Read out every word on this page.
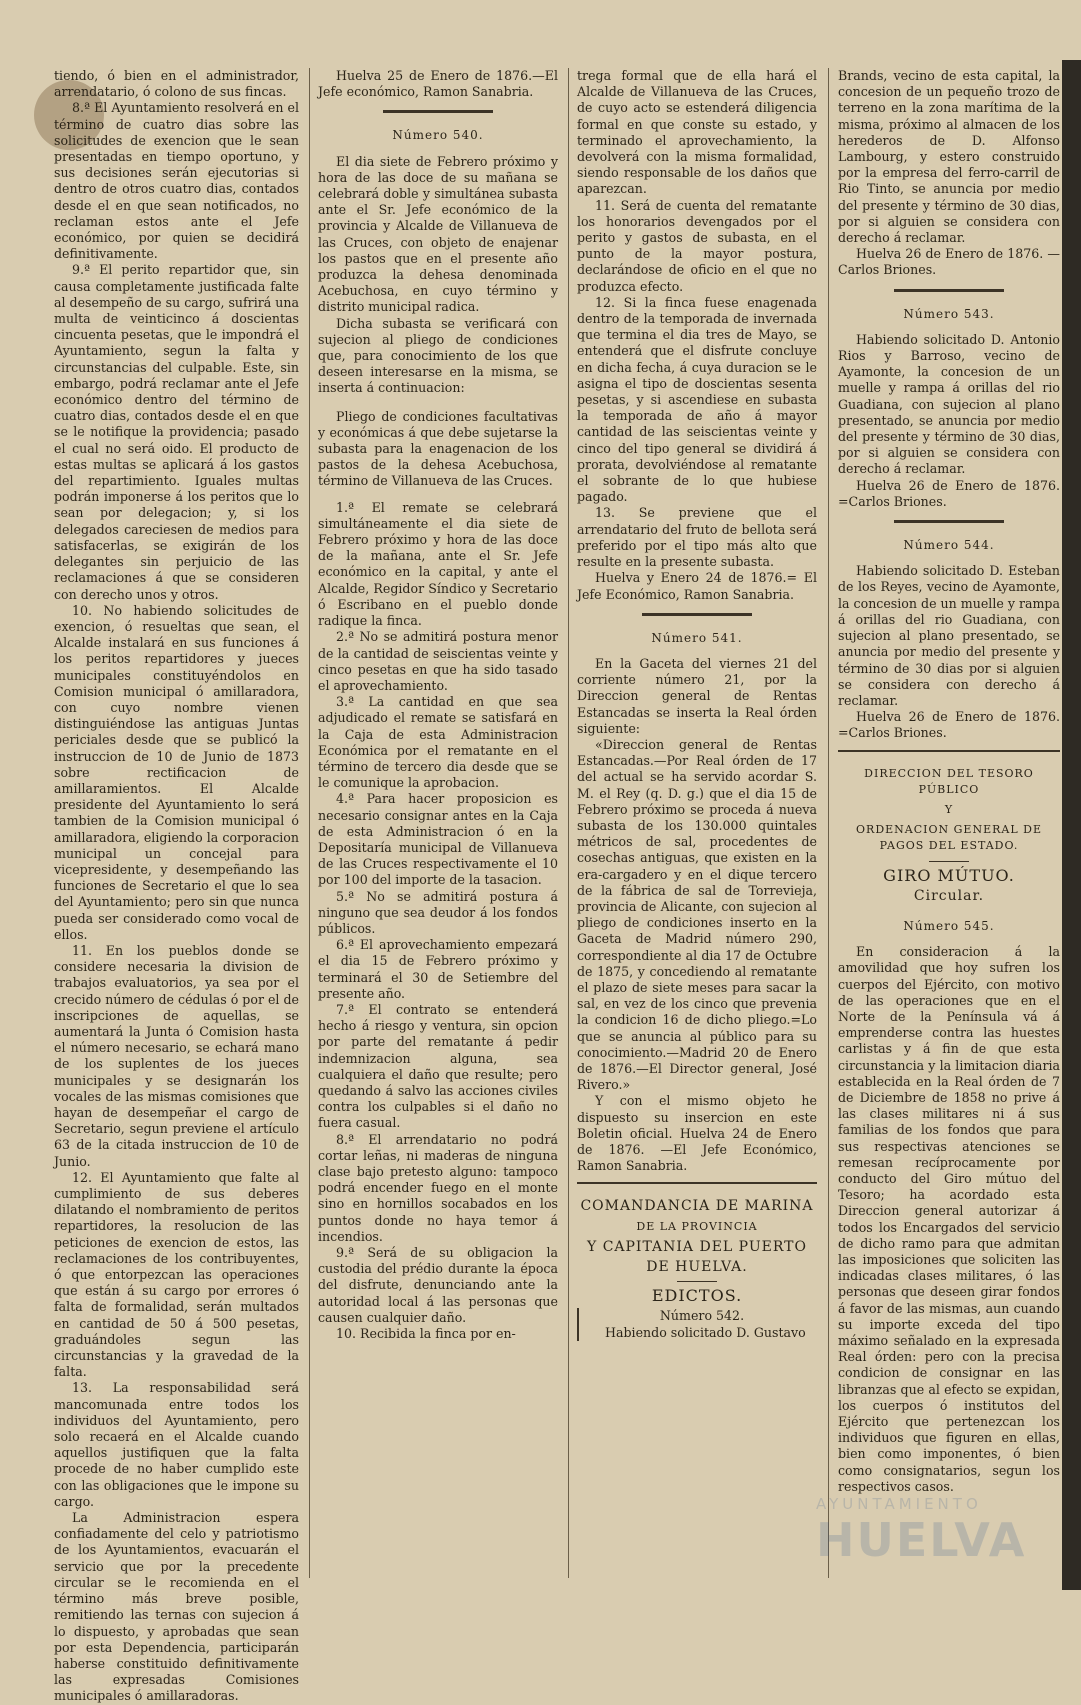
tiendo, ó bien en el administrador, arrendatario, ó colono de sus fincas.

8.ª El Ayuntamiento resolverá en el término de cuatro dias sobre las solicitudes de exencion que le sean presentadas en tiempo oportuno, y sus decisiones serán ejecutorias si dentro de otros cuatro dias, contados desde el en que sean notificados, no reclaman estos ante el Jefe económico, por quien se decidirá definitivamente.

9.ª El perito repartidor que, sin causa completamente justificada falte al desempeño de su cargo, sufrirá una multa de veinticinco á doscientas cincuenta pesetas, que le impondrá el Ayuntamiento, segun la falta y circunstancias del culpable. Este, sin embargo, podrá reclamar ante el Jefe económico dentro del término de cuatro dias, contados desde el en que se le notifique la providencia; pasado el cual no será oido. El producto de estas multas se aplicará á los gastos del repartimiento. Iguales multas podrán imponerse á los peritos que lo sean por delegacion; y, si los delegados careciesen de medios para satisfacerlas, se exigirán de los delegantes sin perjuicio de las reclamaciones á que se consideren con derecho unos y otros.

10. No habiendo solicitudes de exencion, ó resueltas que sean, el Alcalde instalará en sus funciones á los peritos repartidores y jueces municipales constituyéndolos en Comision municipal ó amillaradora, con cuyo nombre vienen distinguiéndose las antiguas Juntas periciales desde que se publicó la instruccion de 10 de Junio de 1873 sobre rectificacion de amillaramientos. El Alcalde presidente del Ayuntamiento lo será tambien de la Comision municipal ó amillaradora, eligiendo la corporacion municipal un concejal para vicepresidente, y desempeñando las funciones de Secretario el que lo sea del Ayuntamiento; pero sin que nunca pueda ser considerado como vocal de ellos.

11. En los pueblos donde se considere necesaria la division de trabajos evaluatorios, ya sea por el crecido número de cédulas ó por el de inscripciones de aquellas, se aumentará la Junta ó Comision hasta el número necesario, se echará mano de los suplentes de los jueces municipales y se designarán los vocales de las mismas comisiones que hayan de desempeñar el cargo de Secretario, segun previene el artículo 63 de la citada instruccion de 10 de Junio.

12. El Ayuntamiento que falte al cumplimiento de sus deberes dilatando el nombramiento de peritos repartidores, la resolucion de las peticiones de exencion de estos, las reclamaciones de los contribuyentes, ó que entorpezcan las operaciones que están á su cargo por errores ó falta de formalidad, serán multados en cantidad de 50 á 500 pesetas, graduándoles segun las circunstancias y la gravedad de la falta.

13. La responsabilidad será mancomunada entre todos los individuos del Ayuntamiento, pero solo recaerá en el Alcalde cuando aquellos justifiquen que la falta procede de no haber cumplido este con las obligaciones que le impone su cargo.

La Administracion espera confiadamente del celo y patriotismo de los Ayuntamientos, evacuarán el servicio que por la precedente circular se le recomienda en el término más breve posible, remitiendo las ternas con sujecion á lo dispuesto, y aprobadas que sean por esta Dependencia, participarán haberse constituido definitivamente las expresadas Comisiones municipales ó amillaradoras.

Huelva 25 de Enero de 1876.—El Jefe económico, Ramon Sanabria.

Número 540.

El dia siete de Febrero próximo y hora de las doce de su mañana se celebrará doble y simultánea subasta ante el Sr. Jefe económico de la provincia y Alcalde de Villanueva de las Cruces, con objeto de enajenar los pastos que en el presente año produzca la dehesa denominada Acebuchosa, en cuyo término y distrito municipal radica.

Dicha subasta se verificará con sujecion al pliego de condiciones que, para conocimiento de los que deseen interesarse en la misma, se inserta á continuacion:

Pliego de condiciones facultativas y económicas á que debe sujetarse la subasta para la enagenacion de los pastos de la dehesa Acebuchosa, término de Villanueva de las Cruces.

1.ª El remate se celebrará simultáneamente el dia siete de Febrero próximo y hora de las doce de la mañana, ante el Sr. Jefe económico en la capital, y ante el Alcalde, Regidor Síndico y Secretario ó Escribano en el pueblo donde radique la finca.

2.ª No se admitirá postura menor de la cantidad de seiscientas veinte y cinco pesetas en que ha sido tasado el aprovechamiento.

3.ª La cantidad en que sea adjudicado el remate se satisfará en la Caja de esta Administracion Económica por el rematante en el término de tercero dia desde que se le comunique la aprobacion.

4.ª Para hacer proposicion es necesario consignar antes en la Caja de esta Administracion ó en la Depositaría municipal de Villanueva de las Cruces respectivamente el 10 por 100 del importe de la tasacion.

5.ª No se admitirá postura á ninguno que sea deudor á los fondos públicos.

6.ª El aprovechamiento empezará el dia 15 de Febrero próximo y terminará el 30 de Setiembre del presente año.

7.ª El contrato se entenderá hecho á riesgo y ventura, sin opcion por parte del rematante á pedir indemnizacion alguna, sea cualquiera el daño que resulte; pero quedando á salvo las acciones civiles contra los culpables si el daño no fuera casual.

8.ª El arrendatario no podrá cortar leñas, ni maderas de ninguna clase bajo pretesto alguno: tampoco podrá encender fuego en el monte sino en hornillos socabados en los puntos donde no haya temor á incendios.

9.ª Será de su obligacion la custodia del prédio durante la época del disfrute, denunciando ante la autoridad local á las personas que causen cualquier daño.

10. Recibida la finca por en-

trega formal que de ella hará el Alcalde de Villanueva de las Cruces, de cuyo acto se estenderá diligencia formal en que conste su estado, y terminado el aprovechamiento, la devolverá con la misma formalidad, siendo responsable de los daños que aparezcan.

11. Será de cuenta del rematante los honorarios devengados por el perito y gastos de subasta, en el punto de la mayor postura, declarándose de oficio en el que no produzca efecto.

12. Si la finca fuese enagenada dentro de la temporada de invernada que termina el dia tres de Mayo, se entenderá que el disfrute concluye en dicha fecha, á cuya duracion se le asigna el tipo de doscientas sesenta pesetas, y si ascendiese en subasta la temporada de año á mayor cantidad de las seiscientas veinte y cinco del tipo general se dividirá á prorata, devolviéndose al rematante el sobrante de lo que hubiese pagado.

13. Se previene que el arrendatario del fruto de bellota será preferido por el tipo más alto que resulte en la presente subasta.

Huelva y Enero 24 de 1876.= El Jefe Económico, Ramon Sanabria.

Número 541.

En la Gaceta del viernes 21 del corriente número 21, por la Direccion general de Rentas Estancadas se inserta la Real órden siguiente:

«Direccion general de Rentas Estancadas.—Por Real órden de 17 del actual se ha servido acordar S. M. el Rey (q. D. g.) que el dia 15 de Febrero próximo se proceda á nueva subasta de los 130.000 quintales métricos de sal, procedentes de cosechas antiguas, que existen en la era-cargadero y en el dique tercero de la fábrica de sal de Torrevieja, provincia de Alicante, con sujecion al pliego de condiciones inserto en la Gaceta de Madrid número 290, correspondiente al dia 17 de Octubre de 1875, y concediendo al rematante el plazo de siete meses para sacar la sal, en vez de los cinco que prevenia la condicion 16 de dicho pliego.=Lo que se anuncia al público para su conocimiento.—Madrid 20 de Enero de 1876.—El Director general, José Rivero.»

Y con el mismo objeto he dispuesto su insercion en este Boletin oficial. Huelva 24 de Enero de 1876. —El Jefe Económico, Ramon Sanabria.

COMANDANCIA DE MARINA

DE LA PROVINCIA

Y CAPITANIA DEL PUERTO

DE HUELVA.

EDICTOS.

Número 542.

Habiendo solicitado D. Gustavo

Brands, vecino de esta capital, la concesion de un pequeño trozo de terreno en la zona marítima de la misma, próximo al almacen de los herederos de D. Alfonso Lambourg, y estero construido por la empresa del ferro-carril de Rio Tinto, se anuncia por medio del presente y término de 30 dias, por si alguien se considera con derecho á reclamar.

Huelva 26 de Enero de 1876. —Carlos Briones.

Número 543.

Habiendo solicitado D. Antonio Rios y Barroso, vecino de Ayamonte, la concesion de un muelle y rampa á orillas del rio Guadiana, con sujecion al plano presentado, se anuncia por medio del presente y término de 30 dias, por si alguien se considera con derecho á reclamar.

Huelva 26 de Enero de 1876. =Carlos Briones.

Número 544.

Habiendo solicitado D. Esteban de los Reyes, vecino de Ayamonte, la concesion de un muelle y rampa á orillas del rio Guadiana, con sujecion al plano presentado, se anuncia por medio del presente y término de 30 dias por si alguien se considera con derecho á reclamar.

Huelva 26 de Enero de 1876. =Carlos Briones.

DIRECCION DEL TESORO PÚBLICO

Y

ORDENACION GENERAL DE PAGOS DEL ESTADO.

GIRO MÚTUO.

Circular.

Número 545.

En consideracion á la amovilidad que hoy sufren los cuerpos del Ejército, con motivo de las operaciones que en el Norte de la Península vá á emprenderse contra las huestes carlistas y á fin de que esta circunstancia y la limitacion diaria establecida en la Real órden de 7 de Diciembre de 1858 no prive á las clases militares ni á sus familias de los fondos que para sus respectivas atenciones se remesan recíprocamente por conducto del Giro mútuo del Tesoro; ha acordado esta Direccion general autorizar á todos los Encargados del servicio de dicho ramo para que admitan las imposiciones que soliciten las indicadas clases militares, ó las personas que deseen girar fondos á favor de las mismas, aun cuando su importe exceda del tipo máximo señalado en la expresada Real órden: pero con la precisa condicion de consignar en las libranzas que al efecto se expidan, los cuerpos ó institutos del Ejército que pertenezcan los individuos que figuren en ellas, bien como imponentes, ó bien como consignatarios, segun los respectivos casos.

AYUNTAMIENTO
HUELVA
